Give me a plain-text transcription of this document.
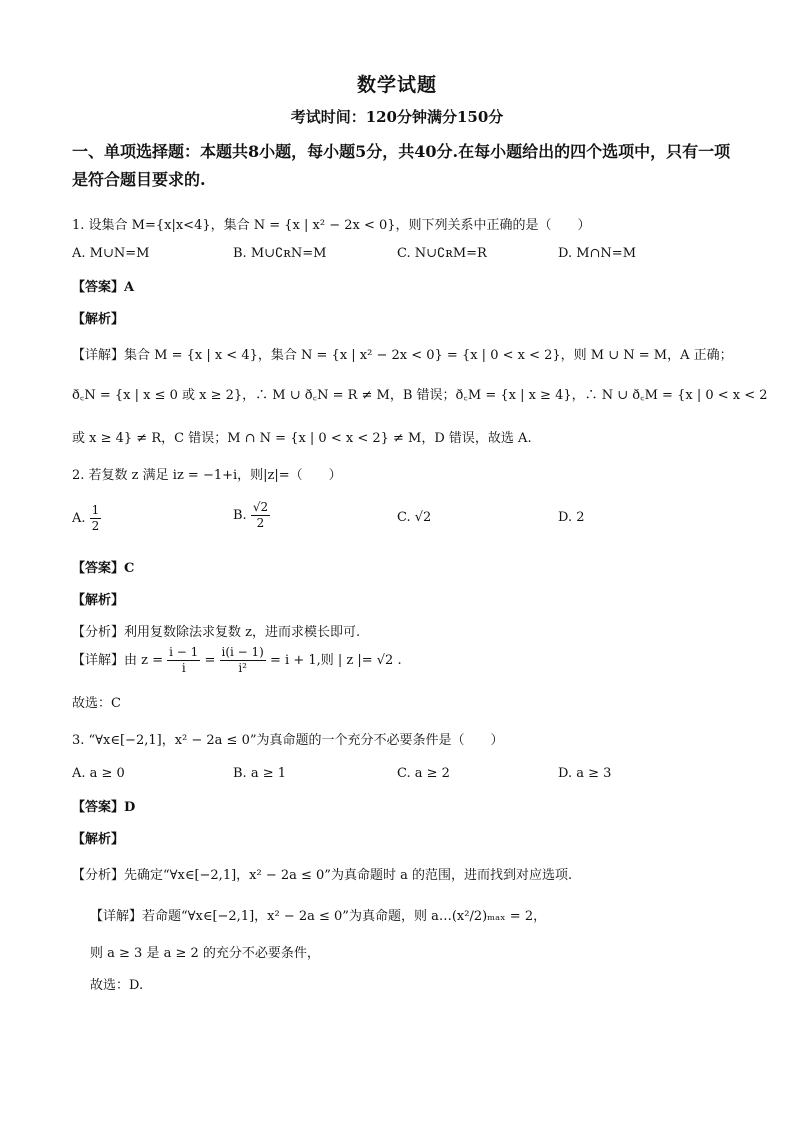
数学试题
考试时间：120分钟满分150分
一、单项选择题：本题共8小题，每小题5分，共40分.在每小题给出的四个选项中，只有一项是符合题目要求的.
1. 设集合 M={x|x<4}，集合 N = {x | x² − 2x < 0}，则下列关系中正确的是（　　）
A. M∪N=M	B. M∪∁ʀN=M	C. N∪∁ʀM=R	D. M∩N=M
【答案】A
【解析】
【详解】集合 M = {x | x < 4}，集合 N = {x | x² − 2x < 0} = {x | 0 < x < 2}，则 M ∪ N = M，A 正确；
ð꜀N = {x | x ≤ 0 或 x ≥ 2}，∴ M ∪ ð꜀N = R ≠ M，B 错误；ð꜀M = {x | x ≥ 4}，∴ N ∪ ð꜀M = {x | 0 < x < 2
或 x ≥ 4} ≠ R，C 错误；M ∩ N = {x | 0 < x < 2} ≠ M，D 错误，故选 A.
2. 若复数 z 满足 iz = −1+i，则|z|=（　　）
A. $\frac{1}{2}$	B. $\frac{√2}{2}$	C. √2	D. 2
【答案】C
【解析】
【分析】利用复数除法求复数 z，进而求模长即可.
【详解】由 $z = \frac{i - 1}{i} = \frac{i(i - 1)}{\text{i²}} = i + 1$,则 | z |= √2 .
故选：C
3. “∀x∈[−2,1]，x² − 2a ≤ 0”为真命题的一个充分不必要条件是（　　）
A. a ≥ 0	B. a ≥ 1	C. a ≥ 2	D. a ≥ 3
【答案】D
【解析】
【分析】先确定“∀x∈[−2,1]，x² − 2a ≤ 0”为真命题时 a 的范围，进而找到对应选项.
【详解】若命题“∀x∈[−2,1]，x² − 2a ≤ 0”为真命题，则 a…(x²/2)ₘₐₓ = 2，
则 a ≥ 3 是 a ≥ 2 的充分不必要条件，
故选：D.
